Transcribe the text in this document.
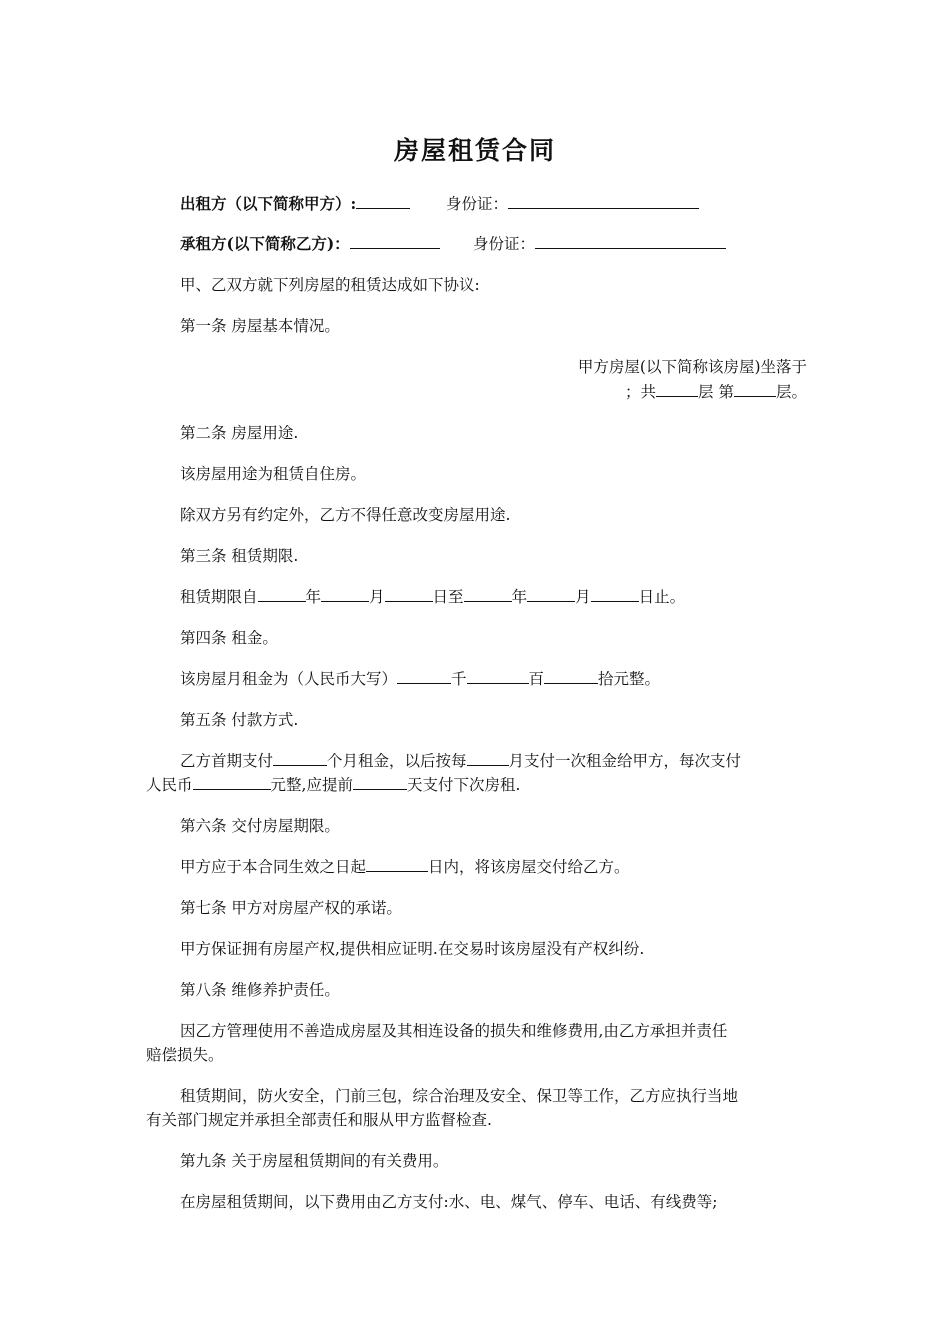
房屋租赁合同
出租方（以下简称甲方）:	身份证：
承租方(以下简称乙方)：	身份证：
甲、乙双方就下列房屋的租赁达成如下协议:
第一条 房屋基本情况。
甲方房屋(以下简称该房屋)坐落于
；共	层 第	层。
第二条 房屋用途.
该房屋用途为租赁自住房。
除双方另有约定外，乙方不得任意改变房屋用途.
第三条 租赁期限.
租赁期限自	年	月	日至	年	月	日止。
第四条 租金。
该房屋月租金为（人民币大写）	千	百	拾元整。
第五条 付款方式.
乙方首期支付	个月租金，以后按每	月支付一次租金给甲方，每次支付
人民币	元整,应提前	天支付下次房租.
第六条 交付房屋期限。
甲方应于本合同生效之日起	日内，将该房屋交付给乙方。
第七条 甲方对房屋产权的承诺。
甲方保证拥有房屋产权,提供相应证明.在交易时该房屋没有产权纠纷.
第八条 维修养护责任。
因乙方管理使用不善造成房屋及其相连设备的损失和维修费用,由乙方承担并责任
赔偿损失。
租赁期间，防火安全，门前三包，综合治理及安全、保卫等工作，乙方应执行当地
有关部门规定并承担全部责任和服从甲方监督检查.
第九条 关于房屋租赁期间的有关费用。
在房屋租赁期间，以下费用由乙方支付:水、电、煤气、停车、电话、有线费等;
